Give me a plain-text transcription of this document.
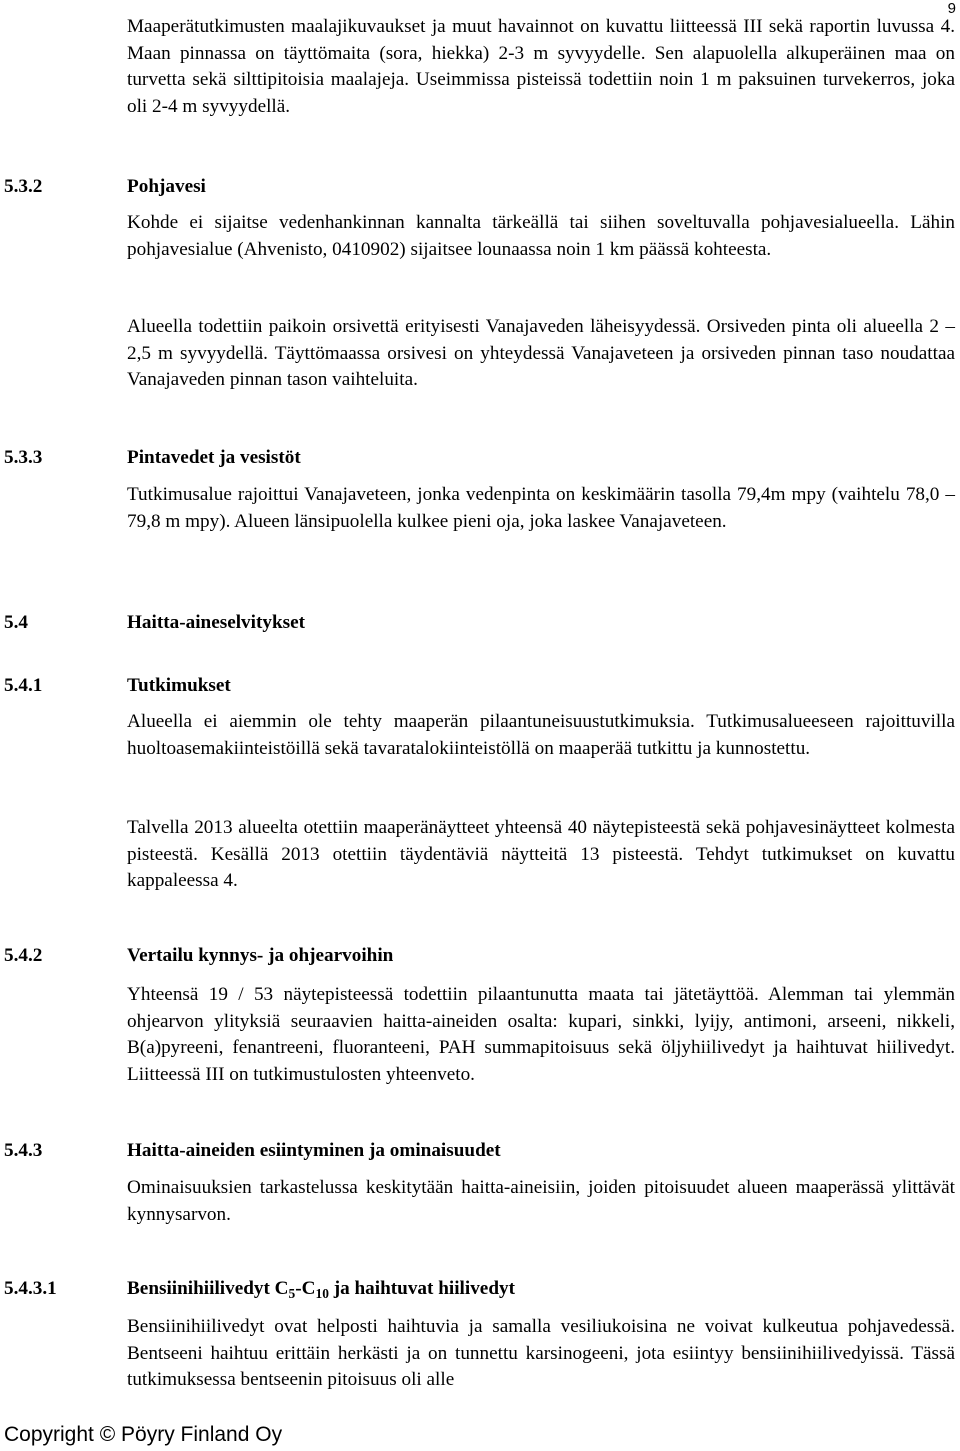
9
Maaperätutkimusten maalajikuvaukset ja muut havainnot on kuvattu liitteessä III sekä raportin luvussa 4. Maan pinnassa on täyttömaita (sora, hiekka) 2-3 m syvyydelle. Sen alapuolella alkuperäinen maa on turvetta sekä silttipitoisia maalajeja. Useimmissa pisteissä todettiin noin 1 m paksuinen turvekerros, joka oli 2-4 m syvyydellä.
5.3.2	Pohjavesi
Kohde ei sijaitse vedenhankinnan kannalta tärkeällä tai siihen soveltuvalla pohjavesialueella. Lähin pohjavesialue (Ahvenisto, 0410902) sijaitsee lounaassa noin 1 km päässä kohteesta.
Alueella todettiin paikoin orsivettä erityisesti Vanajaveden läheisyydessä. Orsiveden pinta oli alueella 2 – 2,5 m syvyydellä. Täyttömaassa orsivesi on yhteydessä Vanajaveteen ja orsiveden pinnan taso noudattaa Vanajaveden pinnan tason vaihteluita.
5.3.3	Pintavedet ja vesistöt
Tutkimusalue rajoittui Vanajaveteen, jonka vedenpinta on keskimäärin tasolla 79,4m mpy (vaihtelu 78,0 – 79,8 m mpy). Alueen länsipuolella kulkee pieni oja, joka laskee Vanajaveteen.
5.4	Haitta-aineselvitykset
5.4.1	Tutkimukset
Alueella ei aiemmin ole tehty maaperän pilaantuneisuustutkimuksia. Tutkimusalueeseen rajoittuvilla huoltoasemakiinteistöillä sekä tavaratalokiinteistöllä on maaperää tutkittu ja kunnostettu.
Talvella 2013 alueelta otettiin maaperänäytteet yhteensä 40 näytepisteestä sekä pohjavesinäytteet kolmesta pisteestä. Kesällä 2013 otettiin täydentäviä näytteitä 13 pisteestä. Tehdyt tutkimukset on kuvattu kappaleessa 4.
5.4.2	Vertailu kynnys- ja ohjearvoihin
Yhteensä 19 / 53 näytepisteessä todettiin pilaantunutta maata tai jätetäyttöä. Alemman tai ylemmän ohjearvon ylityksiä seuraavien haitta-aineiden osalta: kupari, sinkki, lyijy, antimoni, arseeni, nikkeli, B(a)pyreeni, fenantreeni, fluoranteeni, PAH summapitoisuus sekä öljyhiilivedyt ja haihtuvat hiilivedyt. Liitteessä III on tutkimustulosten yhteenveto.
5.4.3	Haitta-aineiden esiintyminen ja ominaisuudet
Ominaisuuksien tarkastelussa keskitytään haitta-aineisiin, joiden pitoisuudet alueen maaperässä ylittävät kynnysarvon.
5.4.3.1	Bensiinihiilivedyt $C_5-C_{10}$ ja haihtuvat hiilivedyt
Bensiinihiilivedyt ovat helposti haihtuvia ja samalla vesiliukoisina ne voivat kulkeutua pohjavedessä. Bentseeni haihtuu erittäin herkästi ja on tunnettu karsinogeeni, jota esiintyy bensiinihiilivedyissä. Tässä tutkimuksessa bentseenin pitoisuus oli alle
Copyright © Pöyry Finland Oy
